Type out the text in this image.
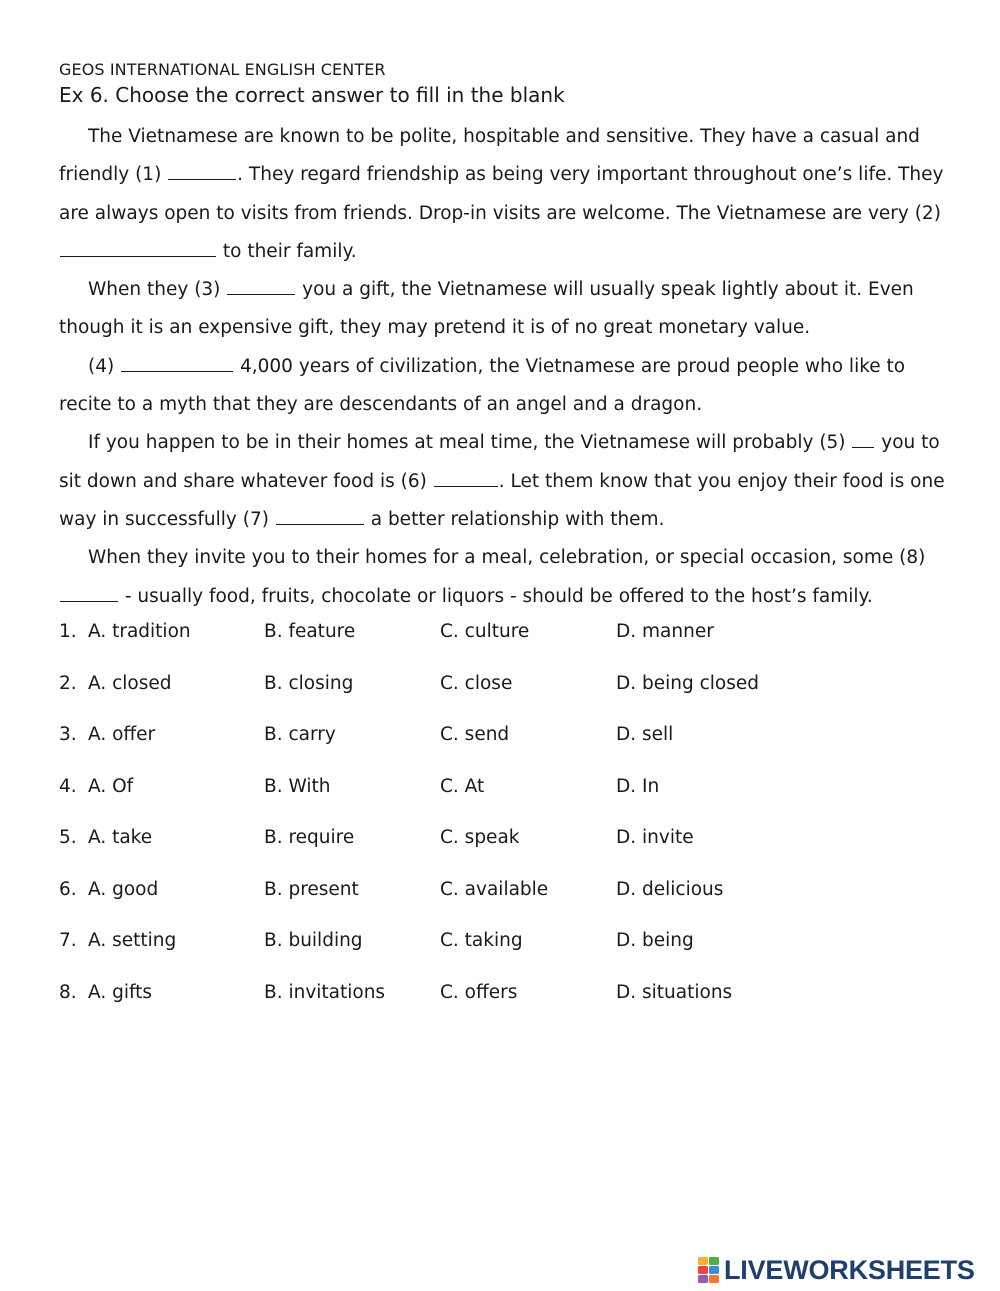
GEOS INTERNATIONAL ENGLISH CENTER
Ex 6. Choose the correct answer to fill in the blank

The Vietnamese are known to be polite, hospitable and sensitive. They have a casual and friendly (1)	. They regard friendship as being very important throughout one’s life. They are always open to visits from friends. Drop-in visits are welcome. The Vietnamese are very (2)  to their family.

When they (3)	you a gift, the Vietnamese will usually speak lightly about it. Even though it is an expensive gift, they may pretend it is of no great monetary value.

(4)	4,000 years of civilization, the Vietnamese are proud people who like to recite to a myth that they are descendants of an angel and a dragon.

If you happen to be in their homes at meal time, the Vietnamese will probably (5)  you to sit down and share whatever food is (6)	. Let them know that you enjoy their food is one way in successfully (7)	a better relationship with them.

When they invite you to their homes for a meal, celebration, or special occasion, some (8)  - usually food, fruits, chocolate or liquors - should be offered to the host’s family.

1. A. tradition	B. feature	C. culture	D. manner
2. A. closed	B. closing	C. close	D. being closed
3. A. offer	B. carry	C. send	D. sell
4. A. Of	B. With	C. At	D. In
5. A. take	B. require	C. speak	D. invite
6. A. good	B. present	C. available	D. delicious
7. A. setting	B. building	C. taking	D. being
8. A. gifts	B. invitations	C. offers	D. situations
LIVEWORKSHEETS
